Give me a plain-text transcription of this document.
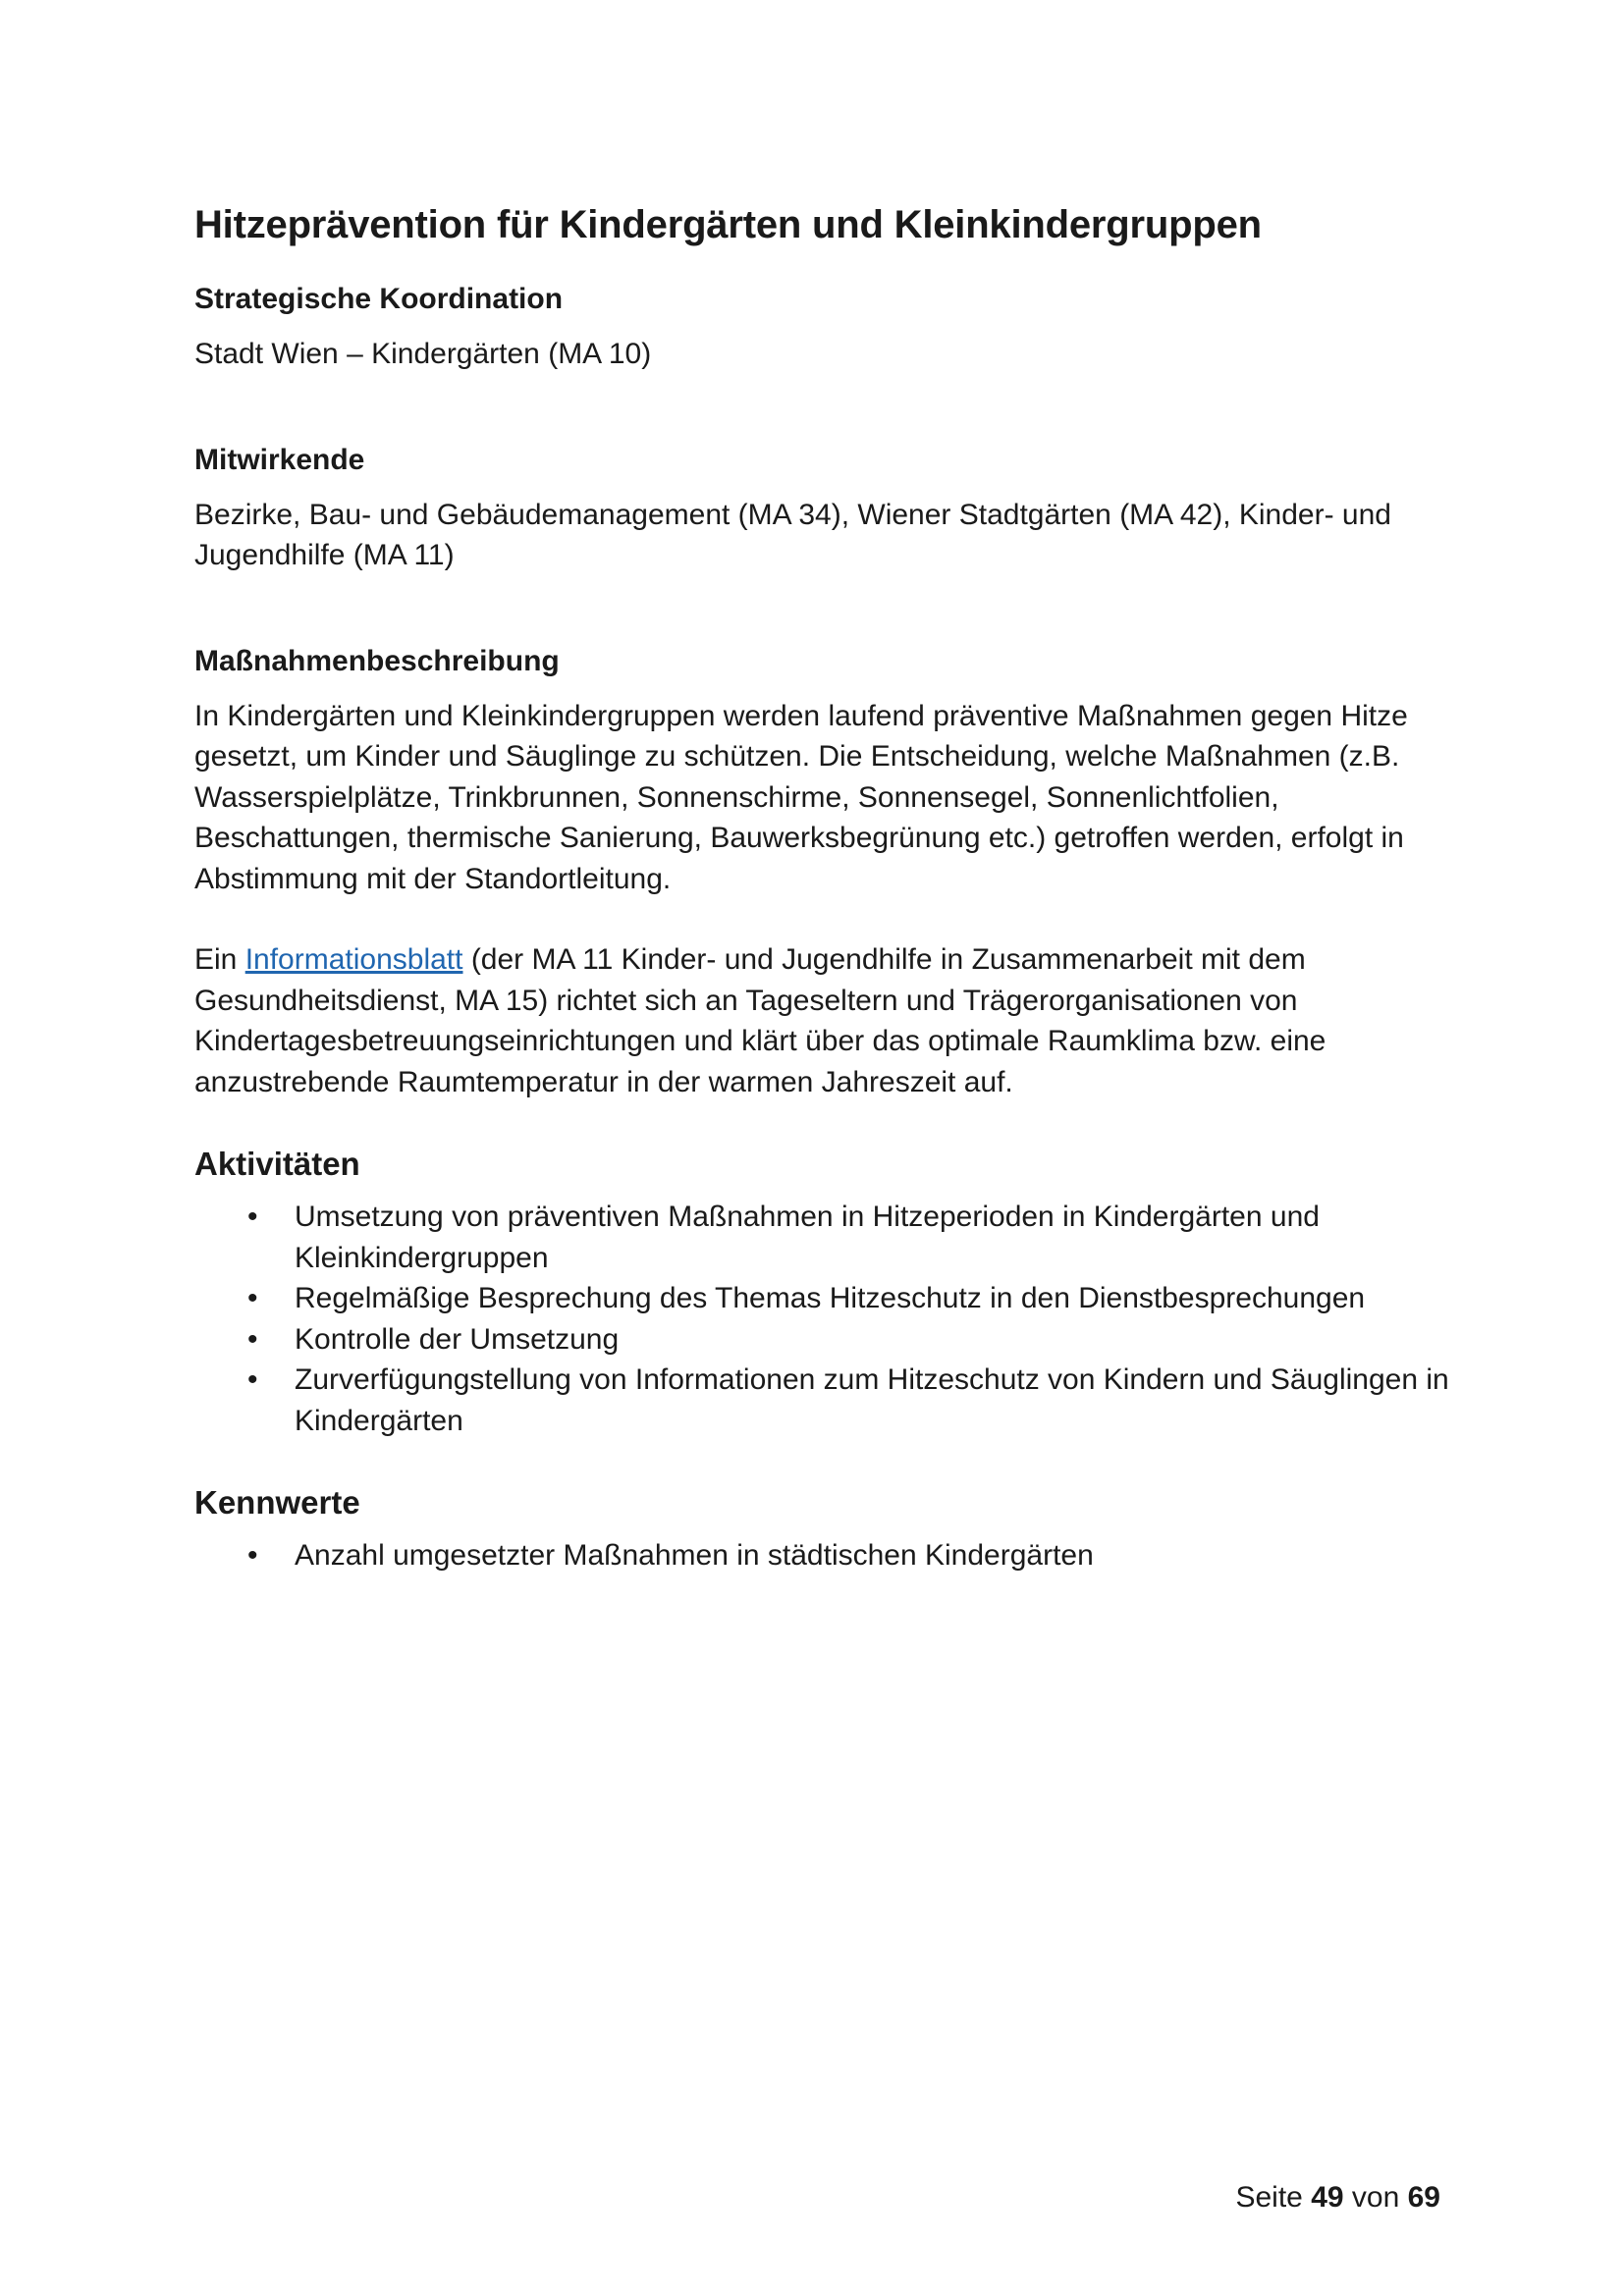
Hitzeprävention für Kindergärten und Kleinkindergruppen
Strategische Koordination

Stadt Wien – Kindergärten (MA 10)

Mitwirkende

Bezirke, Bau- und Gebäudemanagement (MA 34), Wiener Stadtgärten (MA 42), Kinder- und Jugendhilfe (MA 11)

Maßnahmenbeschreibung

In Kindergärten und Kleinkindergruppen werden laufend präventive Maßnahmen gegen Hitze gesetzt, um Kinder und Säuglinge zu schützen. Die Entscheidung, welche Maßnahmen (z.B. Wasserspielplätze, Trinkbrunnen, Sonnenschirme, Sonnensegel, Sonnenlichtfolien, Beschattungen, thermische Sanierung, Bauwerksbegrünung etc.) getroffen werden, erfolgt in Abstimmung mit der Standortleitung.

Ein Informationsblatt (der MA 11 Kinder- und Jugendhilfe in Zusammenarbeit mit dem Gesundheitsdienst, MA 15) richtet sich an Tageseltern und Trägerorganisationen von Kindertagesbetreuungseinrichtungen und klärt über das optimale Raumklima bzw. eine anzustrebende Raumtemperatur in der warmen Jahreszeit auf.

Aktivitäten
• Umsetzung von präventiven Maßnahmen in Hitzeperioden in Kindergärten und Kleinkindergruppen
• Regelmäßige Besprechung des Themas Hitzeschutz in den Dienstbesprechungen
• Kontrolle der Umsetzung
• Zurverfügungstellung von Informationen zum Hitzeschutz von Kindern und Säuglingen in Kindergärten
Kennwerte
• Anzahl umgesetzter Maßnahmen in städtischen Kindergärten
Seite 49 von 69
